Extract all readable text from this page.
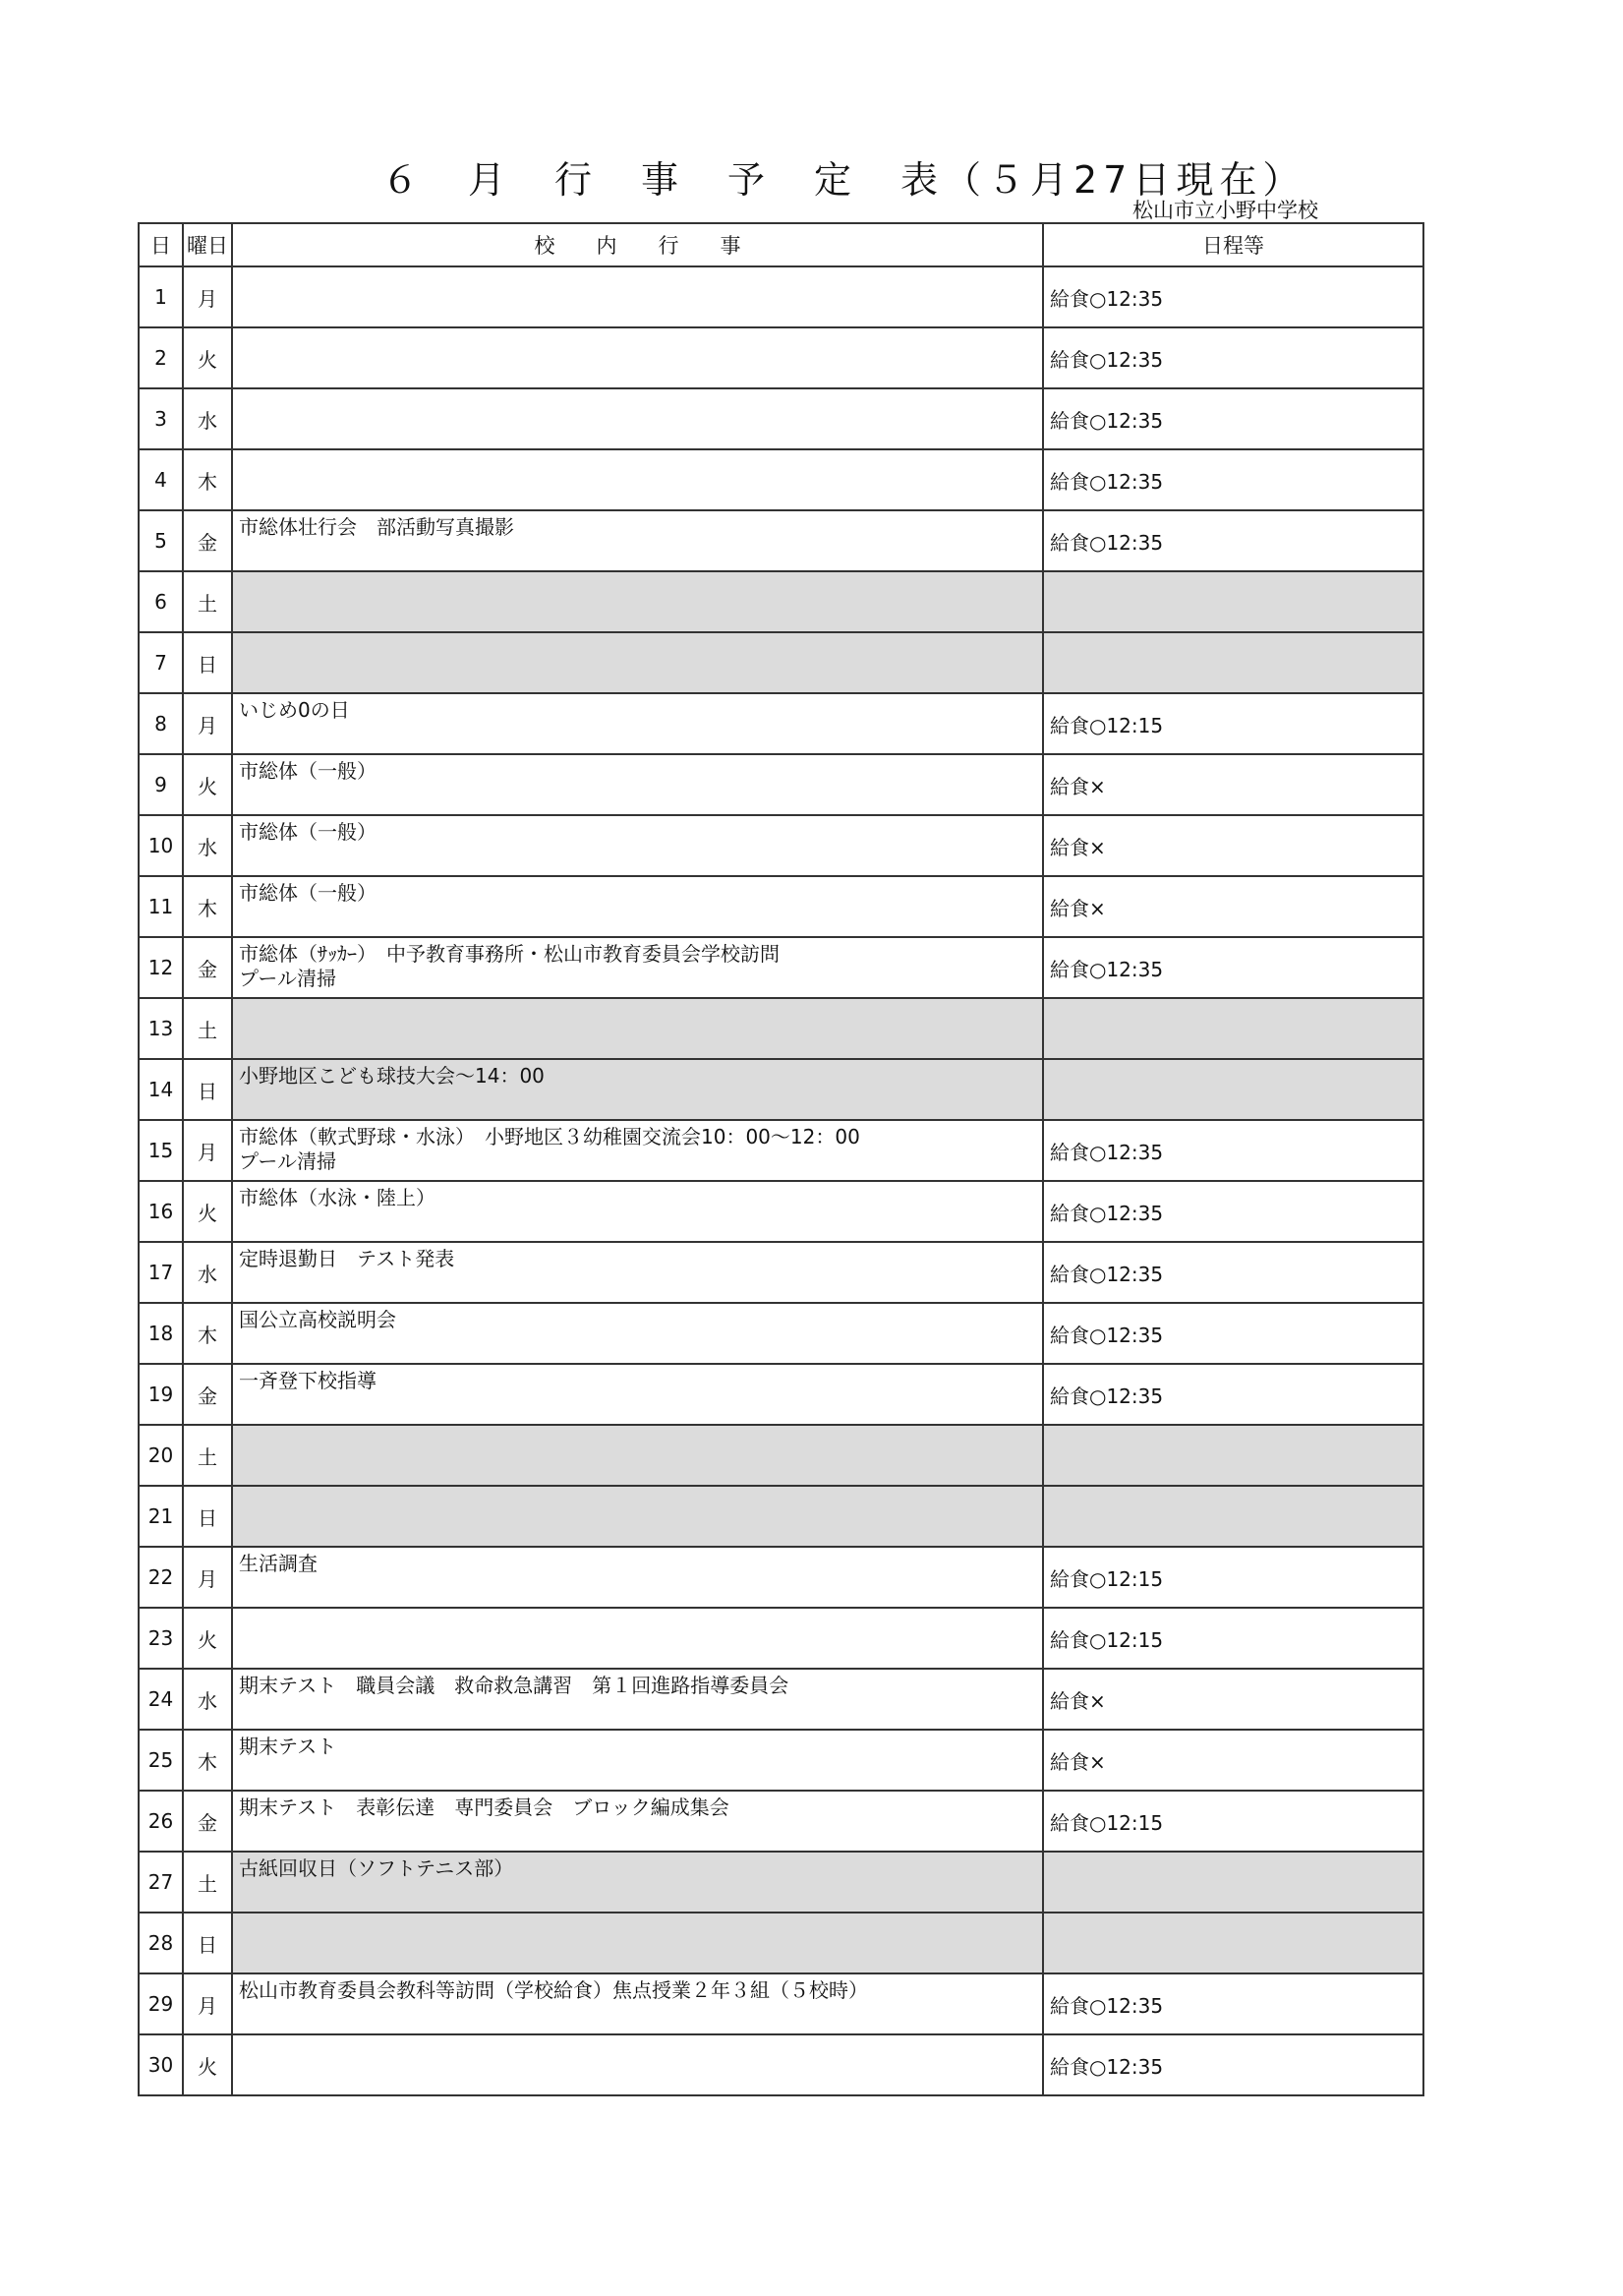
６　月　行　事　予　定　表（５月27日現在）
松山市立小野中学校
日	曜日	校　　内　　行　　事	日程等
1	月		給食○12:35
2	火		給食○12:35
3	水		給食○12:35
4	木		給食○12:35
5	金	市総体壮行会　部活動写真撮影	給食○12:35
6	土		
7	日		
8	月	いじめ0の日	給食○12:15
9	火	市総体（一般）	給食×
10	水	市総体（一般）	給食×
11	木	市総体（一般）	給食×
12	金	市総体（ｻｯｶｰ）　中予教育事務所・松山市教育委員会学校訪問
プール清掃	給食○12:35
13	土		
14	日	小野地区こども球技大会～14：00	

15	月	市総体（軟式野球・水泳）　小野地区３幼稚園交流会10：00～12：00
プール清掃	給食○12:35
16	火	市総体（水泳・陸上）	給食○12:35
17	水	定時退勤日　テスト発表	給食○12:35
18	木	国公立高校説明会	給食○12:35
19	金	一斉登下校指導	給食○12:35
20	土		
21	日		
22	月	生活調査	給食○12:15
23	火		給食○12:15
24	水	期末テスト　職員会議　救命救急講習　第１回進路指導委員会	給食×
25	木	期末テスト	給食×
26	金	期末テスト　表彰伝達　専門委員会　ブロック編成集会	給食○12:15
27	土	古紙回収日（ソフトテニス部）	

28	日		
29	月	松山市教育委員会教科等訪問（学校給食）焦点授業２年３組（５校時）	給食○12:35
30	火		給食○12:35
